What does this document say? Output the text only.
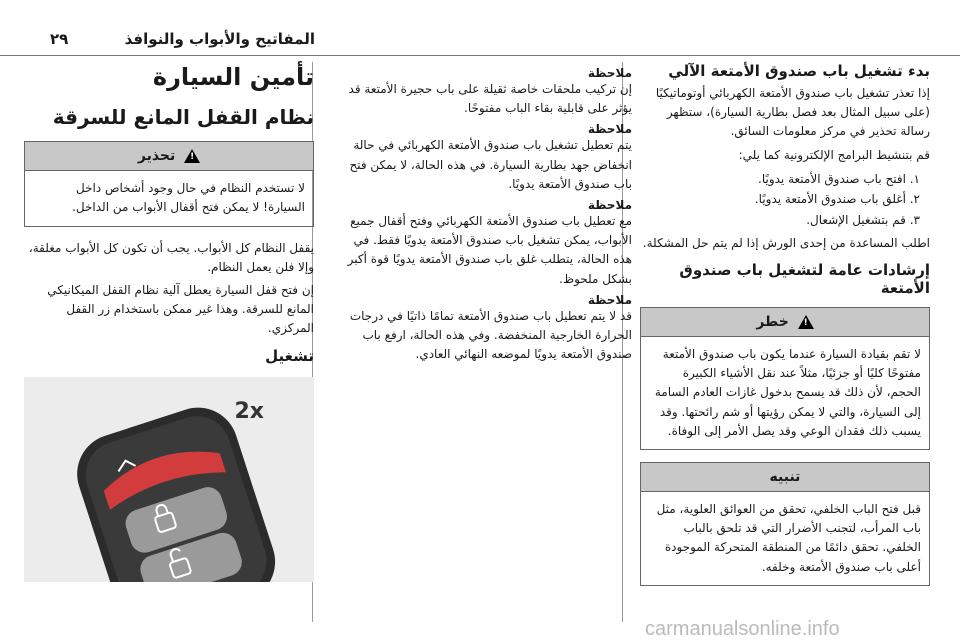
٢٩	المفاتيح والأبواب والنوافذ
بدء تشغيل باب صندوق الأمتعة الآلي

إذا تعذر تشغيل باب صندوق الأمتعة الكهربائي أوتوماتيكيًا (على سبيل المثال بعد فصل بطارية السيارة)، ستظهر رسالة تحذير في مركز معلومات السائق.

قم بتنشيط البرامج الإلكترونية كما يلي:

١. افتح باب صندوق الأمتعة يدويًا.
٢. أغلق باب صندوق الأمتعة يدويًا.
٣. قم بتشغيل الإشعال.

اطلب المساعدة من إحدى الورش إذا لم يتم حل المشكلة.

إرشادات عامة لتشغيل باب صندوق الأمتعة
! خطر
لا تقم بقيادة السيارة عندما يكون باب صندوق الأمتعة مفتوحًا كليًا أو جزئيًا، مثلاً عند نقل الأشياء الكبيرة الحجم، لأن ذلك قد يسمح بدخول غازات العادم السامة إلى السيارة، والتي لا يمكن رؤيتها أو شم رائحتها. وقد يسبب ذلك فقدان الوعي وقد يصل الأمر إلى الوفاة.
تنبيه
قبل فتح الباب الخلفي، تحقق من العوائق العلوية، مثل باب المرأب، لتجنب الأضرار التي قد تلحق بالباب الخلفي. تحقق دائمًا من المنطقة المتحركة الموجودة أعلى باب صندوق الأمتعة وخلفه.
ملاحظة

إن تركيب ملحقات خاصة ثقيلة على باب حجيرة الأمتعة قد يؤثر على قابلية بقاء الباب مفتوحًا.

ملاحظة

يتم تعطيل تشغيل باب صندوق الأمتعة الكهربائي في حالة انخفاض جهد بطارية السيارة. في هذه الحالة، لا يمكن فتح باب صندوق الأمتعة يدويًا.

ملاحظة

مع تعطيل باب صندوق الأمتعة الكهربائي وفتح أقفال جميع الأبواب، يمكن تشغيل باب صندوق الأمتعة يدويًا فقط. في هذه الحالة، يتطلب غلق باب صندوق الأمتعة يدويًا قوة أكبر بشكل ملحوظ.

ملاحظة

قد لا يتم تعطيل باب صندوق الأمتعة تمامًا ذاتيًا في درجات الحرارة الخارجية المنخفضة. وفي هذه الحالة، ارفع باب صندوق الأمتعة يدويًا لموضعه النهائي العادي.

تأمين السيارة
نظام القفل المانع للسرقة
! تحذير
لا تستخدم النظام في حال وجود أشخاص داخل السيارة! لا يمكن فتح أقفال الأبواب من الداخل.

يقفل النظام كل الأبواب. يجب أن تكون كل الأبواب مغلقة، وإلا فلن يعمل النظام.

إن فتح قفل السيارة يعطل آلية نظام القفل الميكانيكي المانع للسرقة. وهذا غير ممكن باستخدام زر القفل المركزي.

تشغيل
2x
carmanualsonline.info
